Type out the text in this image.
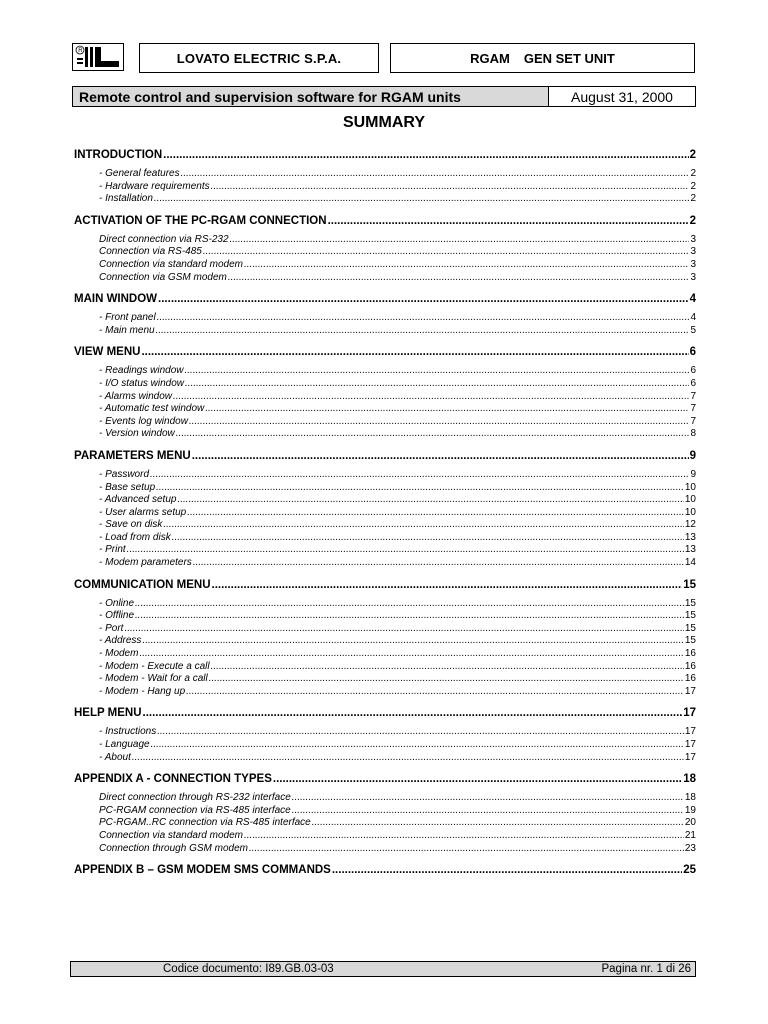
R	LOVATO ELECTRIC S.P.A.	RGAM GEN SET UNIT
Remote control and supervision software for RGAM units	August 31, 2000
SUMMARY
INTRODUCTION .....	2
- General features .....	2
- Hardware requirements .....	2
- Installation .....	2
ACTIVATION OF THE PC-RGAM CONNECTION .....	2
Direct connection via RS-232 .....	3
Connection via RS-485 .....	3
Connection via standard modem .....	3
Connection via GSM modem .....	3
MAIN WINDOW .....	4
- Front panel .....	4
- Main menu .....	5
VIEW MENU .....	6
- Readings window .....	6
- I/O status window .....	6
- Alarms window .....	7
- Automatic test window .....	7
- Events log window .....	7
- Version window .....	8
PARAMETERS MENU .....	9
- Password .....	9
- Base setup .....	10
- Advanced setup .....	10
- User alarms setup .....	10
- Save on disk .....	12
- Load from disk .....	13
- Print .....	13
- Modem parameters .....	14
COMMUNICATION MENU .....	15
- Online .....	15
- Offline .....	15
- Port .....	15
- Address .....	15
- Modem .....	16
- Modem - Execute a call .....	16
- Modem - Wait for a call .....	16
- Modem - Hang up .....	17
HELP MENU .....	17
- Instructions .....	17
- Language .....	17
- About .....	17
APPENDIX A - CONNECTION TYPES .....	18
Direct connection through RS-232 interface .....	18
PC-RGAM connection via RS-485 interface .....	19
PC-RGAM..RC connection via RS-485 interface .....	20
Connection via standard modem .....	21
Connection through GSM modem .....	23
APPENDIX B – GSM MODEM SMS COMMANDS .....	25
Codice documento: I89.GB.03-03	Pagina nr. 1 di 26
